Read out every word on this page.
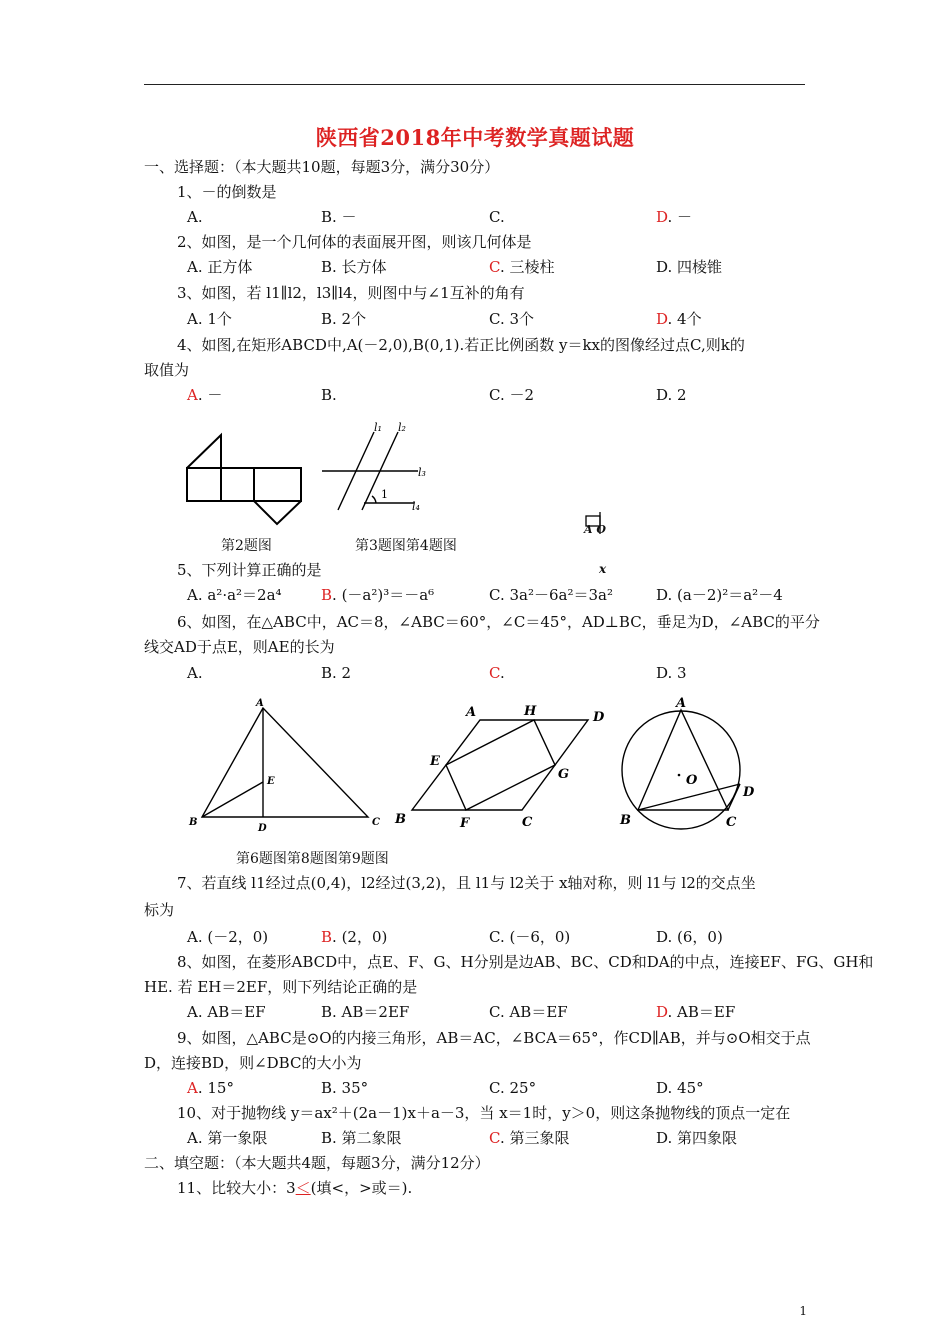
陕西省2018年中考数学真题试题
一、选择题：（本大题共10题，每题3分，满分30分）
1、－的倒数是
A.	B. －	C.	D. －
2、如图，是一个几何体的表面展开图，则该几何体是
A. 正方体	B. 长方体	C. 三棱柱	D. 四棱锥
3、如图，若 l1∥l2，l3∥l4，则图中与∠1互补的角有
A. 1个	B. 2个	C. 3个	D. 4个
4、如图,在矩形ABCD中,A(－2,0),B(0,1).若正比例函数 y＝kx的图像经过点C,则k的
取值为
A. －	B.	C. －2	D. 2
第2题图
l₁ l₂
l₃
l₄
1
第3题图第4题图
A O
x
5、下列计算正确的是
A. a²·a²＝2a⁴	B. (－a²)³＝－a⁶	C. 3a²－6a²＝3a²	D. (a－2)²＝a²－4
6、如图，在△ABC中，AC＝8，∠ABC＝60°，∠C＝45°，AD⊥BC，垂足为D，∠ABC的平分
线交AD于点E，则AE的长为
A.	B. 2	C.	D. 3
A
B	C
D
E
A	H	D
E
G
B	F	C
A
O
D
B	C
第6题图第8题图第9题图
7、若直线 l1经过点(0,4)，l2经过(3,2)，且 l1与 l2关于 x轴对称，则 l1与 l2的交点坐
标为
A. (－2，0)	B. (2，0)	C. (－6，0)	D. (6，0)
8、如图，在菱形ABCD中，点E、F、G、H分别是边AB、BC、CD和DA的中点，连接EF、FG、GH和
HE. 若 EH＝2EF，则下列结论正确的是
A. AB＝EF	B. AB＝2EF	C. AB＝EF	D. AB＝EF
9、如图，△ABC是⊙O的内接三角形，AB＝AC，∠BCA＝65°，作CD∥AB，并与⊙O相交于点
D，连接BD，则∠DBC的大小为
A. 15°	B. 35°	C. 25°	D. 45°
10、对于抛物线 y＝ax²＋(2a－1)x＋a－3，当 x＝1时，y＞0，则这条抛物线的顶点一定在
A. 第一象限	B. 第二象限	C. 第三象限	D. 第四象限
二、填空题：（本大题共4题，每题3分，满分12分）
11、比较大小：3＜(填<，>或＝).
1
